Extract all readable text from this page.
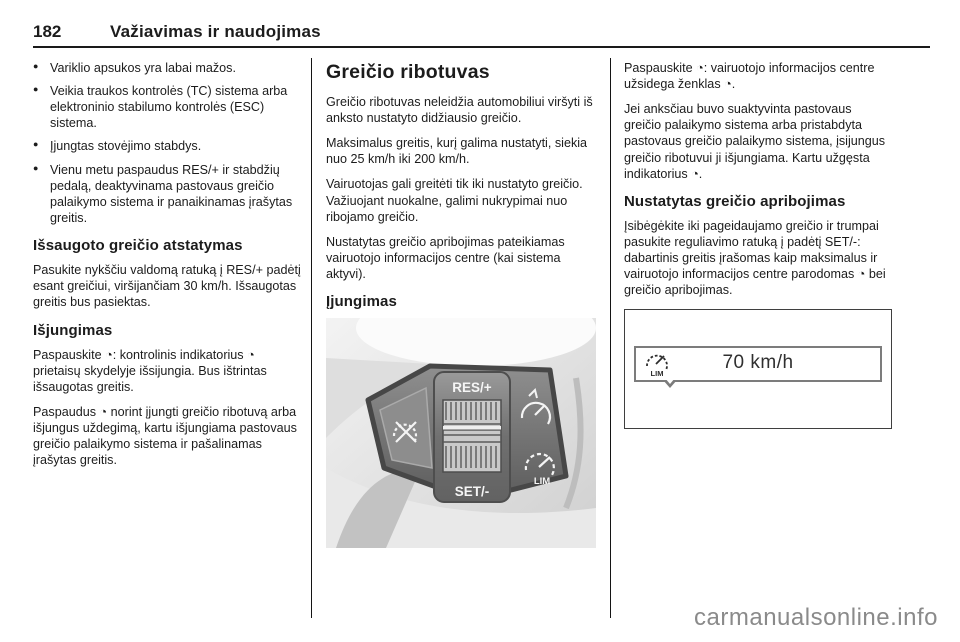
182	Važiavimas ir naudojimas
● Variklio apsukos yra labai mažos.
● Veikia traukos kontrolės (TC) sistema arba elektroninio stabilumo kontrolės (ESC) sistema.
● Įjungtas stovėjimo stabdys.
● Vienu metu paspaudus RES/+ ir stabdžių pedalą, deaktyvinama pastovaus greičio palaikymo sistema ir panaikinamas įrašytas greitis.
Išsaugoto greičio atstatymas

Pasukite nykščiu valdomą ratuką į RES/+ padėtį esant greičiui, viršijančiam 30 km/h. Išsaugotas greitis bus pasiektas.

Išjungimas

Paspauskite ◔: kontrolinis indikatorius ◔ prietaisų skydelyje išsijungia. Bus ištrintas išsaugotas greitis.

Paspaudus ◔ norint įjungti greičio ribotuvą arba išjungus uždegimą, kartu išjungiama pastovaus greičio palaikymo sistema ir pašalinamas įrašytas greitis.

Greičio ribotuvas

Greičio ribotuvas neleidžia automobiliui viršyti iš anksto nustatyto didžiausio greičio.

Maksimalus greitis, kurį galima nustatyti, siekia nuo 25 km/h iki 200 km/h.

Vairuotojas gali greitėti tik iki nustatyto greičio. Važiuojant nuokalne, galimi nukrypimai nuo ribojamo greičio.

Nustatytas greičio apribojimas pateikiamas vairuotojo informacijos centre (kai sistema aktyvi).

Įjungimas
RES/+
SET/-
LIM

Paspauskite ◔: vairuotojo informacijos centre užsidega ženklas ◔.

Jei anksčiau buvo suaktyvinta pastovaus greičio palaikymo sistema arba pristabdyta pastovaus greičio palaikymo sistema, įsijungus greičio ribotuvui ji išjungiama. Kartu užgęsta indikatorius ◔.

Nustatytas greičio apribojimas

Įsibėgėkite iki pageidaujamo greičio ir trumpai pasukite reguliavimo ratuką į padėtį SET/-: dabartinis greitis įrašomas kaip maksimalus ir vairuotojo informacijos centre parodomas ◔ bei greičio apribojimas.

LIM	70 km/h
carmanualsonline.info
